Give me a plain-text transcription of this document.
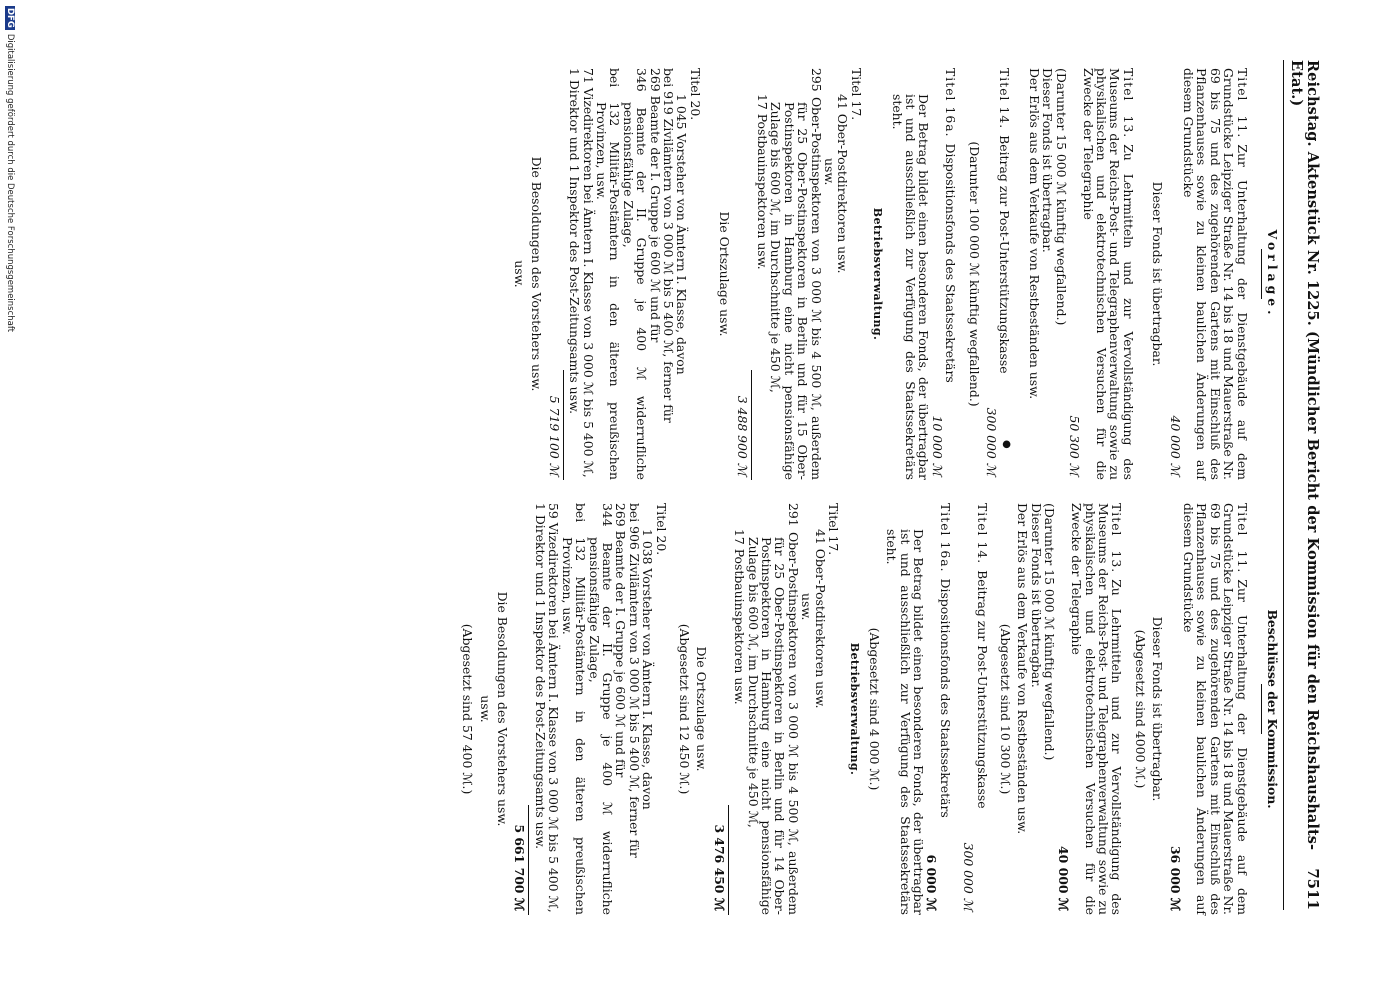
Reichstag. Aktenstück Nr. 1225. (Mündlicher Bericht der Kommission für den Reichshaushalts-Etat.)
7511
Vorlage.
Titel 11.Zur Unterhaltung der Dienstgebäude auf dem Grundstücke Leipziger Straße Nr. 14 bis 18 und Mauerstraße Nr. 69 bis 75 und des zugehörenden Gartens mit Einschluß des Pflanzenhauses sowie zu kleinen baulichen Änderungen auf diesem Grundstücke
40 000 ℳ
Dieser Fonds ist übertragbar.
Titel 13.Zu Lehrmitteln und zur Vervollständigung des Museums der Reichs-Post- und Telegraphenverwaltung sowie zu physikalischen und elektrotechnischen Versuchen für die Zwecke der Telegraphie
50 300 ℳ
(Darunter 15 000 ℳ künftig wegfallend.)
Dieser Fonds ist übertragbar.
Der Erlös aus dem Verkaufe von Restbeständen usw.
Titel 14.Beitrag zur Post-Unterstützungskasse
300 000 ℳ
(Darunter 100 000 ℳ künftig wegfallend.)
Titel 16a.Dispositionsfonds des Staatssekretärs
10 000 ℳ
Der Betrag bildet einen besonderen Fonds, der übertragbar ist und ausschließlich zur Verfügung des Staatssekretärs steht.
Betriebsverwaltung.
Titel 17.
41 Ober-Postdirektoren usw.
usw.
295 Ober-Postinspektoren von 3 000 ℳ bis 4 500 ℳ, außerdem für 25 Ober-Postinspektoren in Berlin und für 15 Ober-Postinspektoren in Hamburg eine nicht pensionsfähige Zulage bis 600 ℳ, im Durchschnitte je 450 ℳ,
17 Postbauinspektoren usw.
3 488 900 ℳ
Die Ortszulage usw.
Titel 20.
1 045 Vorsteher von Ämtern I. Klasse, davon
bei 919 Zivilämtern von 3 000 ℳ bis 5 400 ℳ, ferner für
269 Beamte der I. Gruppe je 600 ℳ und für
346 Beamte der II. Gruppe je 400 ℳ widerrufliche pensionsfähige Zulage,
bei 132 Militär-Postämtern in den älteren preußischen Provinzen, usw.
71 Vizedirektoren bei Ämtern I. Klasse von 3 000 ℳ bis 5 400 ℳ,
1 Direktor und 1 Inspektor des Post-Zeitungsamts usw.
5 719 100 ℳ
Die Besoldungen des Vorstehers usw.
usw.
Beschlüsse der Kommission.
Titel 11.Zur Unterhaltung der Dienstgebäude auf dem Grundstücke Leipziger Straße Nr. 14 bis 18 und Mauerstraße Nr. 69 bis 75 und des zugehörenden Gartens mit Einschluß des Pflanzenhauses sowie zu kleinen baulichen Änderungen auf diesem Grundstücke
36 000 ℳ
Dieser Fonds ist übertragbar.
(Abgesetzt sind 4000 ℳ.)
Titel 13.Zu Lehrmitteln und zur Vervollständigung des Museums der Reichs-Post- und Telegraphenverwaltung sowie zu physikalischen und elektrotechnischen Versuchen für die Zwecke der Telegraphie
40 000 ℳ
(Darunter 15 000 ℳ künftig wegfallend.)
Dieser Fonds ist übertragbar.
Der Erlös aus dem Verkaufe von Restbeständen usw.
(Abgesetzt sind 10 300 ℳ.)
Titel 14.Beitrag zur Post-Unterstützungskasse
300 000 ℳ
Titel 16a.Dispositionsfonds des Staatssekretärs
6 000 ℳ
Der Betrag bildet einen besonderen Fonds, der übertragbar ist und ausschließlich zur Verfügung des Staatssekretärs steht.
(Abgesetzt sind 4 000 ℳ.)
Betriebsverwaltung.
Titel 17.
41 Ober-Postdirektoren usw.
usw.
291 Ober-Postinspektoren von 3 000 ℳ bis 4 500 ℳ, außerdem für 25 Ober-Postinspektoren in Berlin und für 14 Ober-Postinspektoren in Hamburg eine nicht pensionsfähige Zulage bis 600 ℳ, im Durchschnitte je 450 ℳ,
17 Postbauinspektoren usw.
3 476 450 ℳ
Die Ortszulage usw.
(Abgesetzt sind 12 450 ℳ.)
Titel 20.
1 038 Vorsteher von Ämtern I. Klasse, davon
bei 906 Zivilämtern von 3 000 ℳ bis 5 400 ℳ, ferner für
269 Beamte der I. Gruppe je 600 ℳ und für
344 Beamte der II. Gruppe je 400 ℳ widerrufliche pensionsfähige Zulage,
bei 132 Militär-Postämtern in den älteren preußischen Provinzen, usw.
59 Vizedirektoren bei Ämtern I. Klasse von 3 000 ℳ bis 5 400 ℳ,
1 Direktor und 1 Inspektor des Post-Zeitungsamts usw.
5 661 700 ℳ
Die Besoldungen des Vorstehers usw.
usw.
(Abgesetzt sind 57 400 ℳ.)
●
DFGDigitalisierung gefördert durch die Deutsche Forschungsgemeinschaft
